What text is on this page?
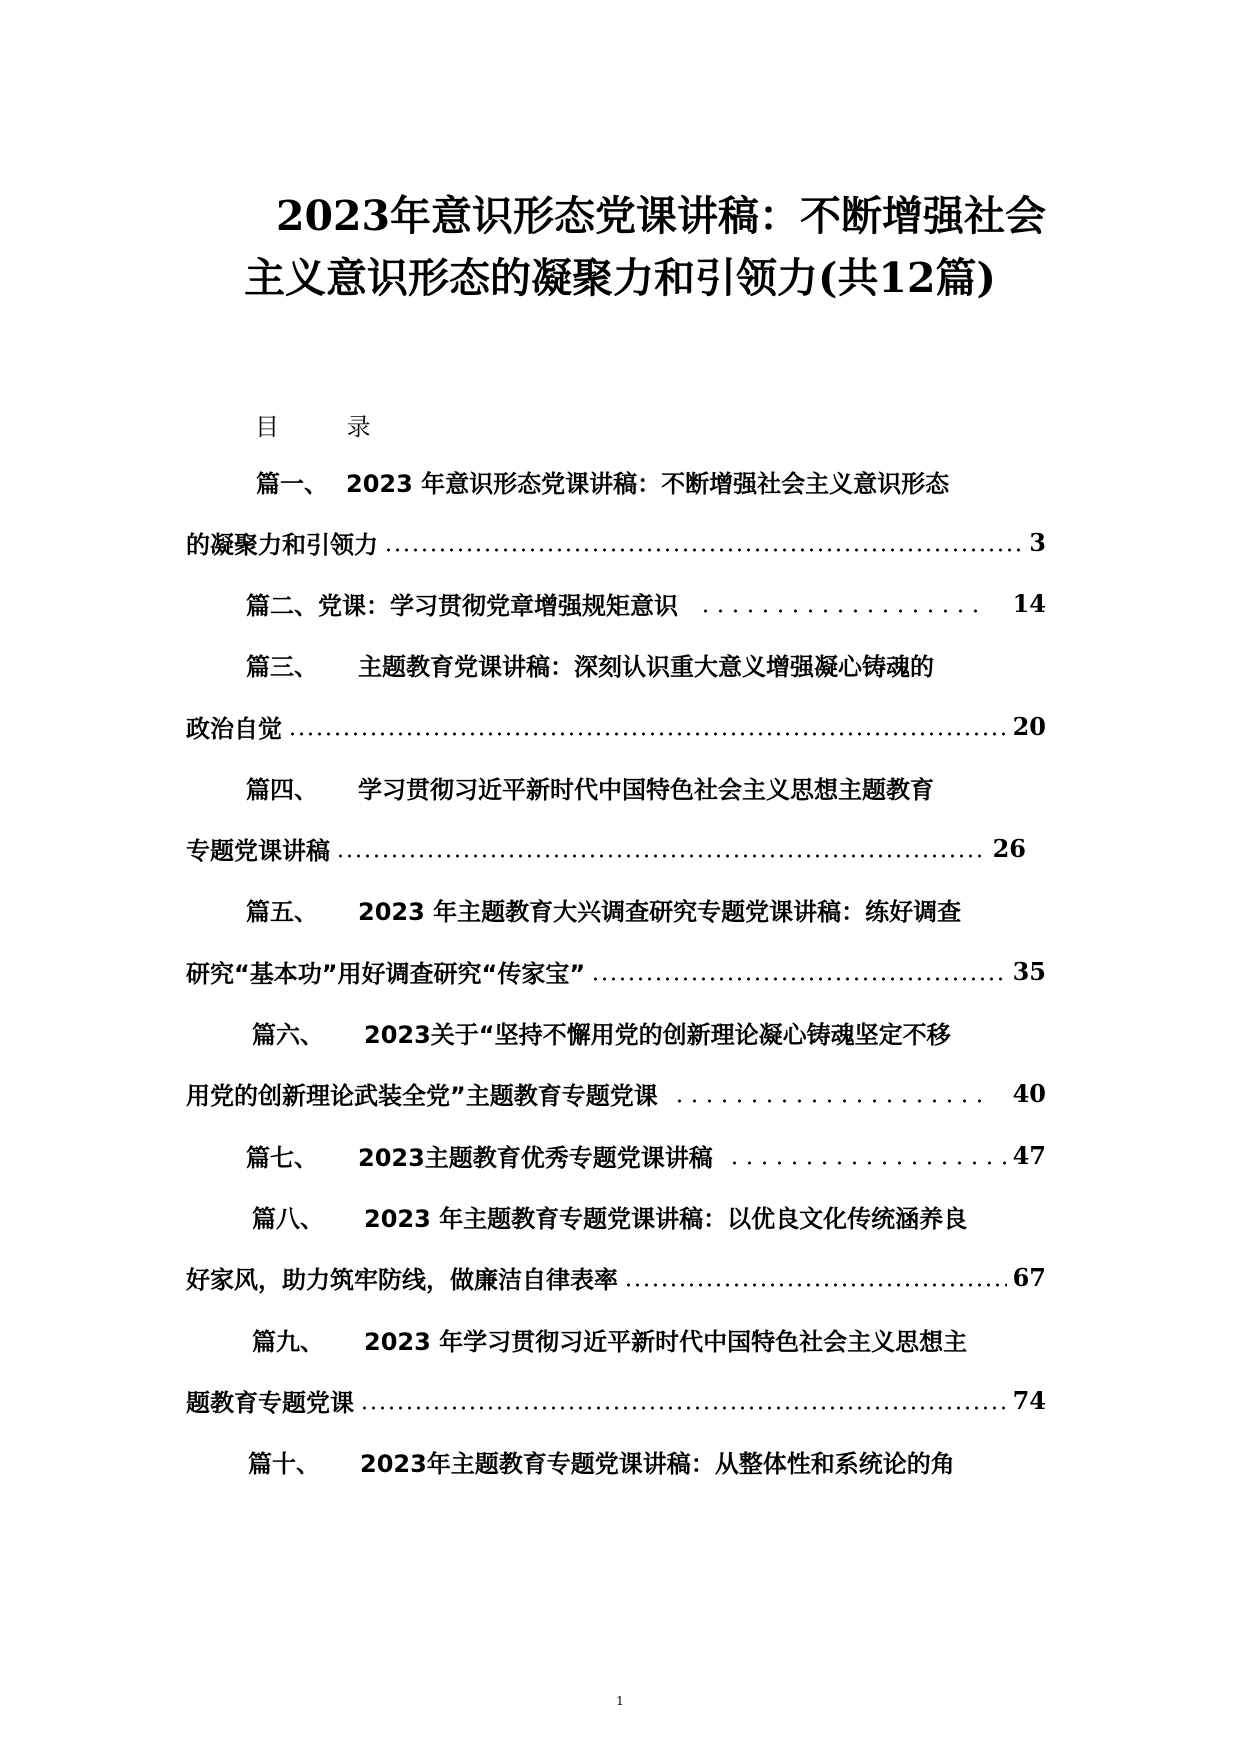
2023年意识形态党课讲稿：不断增强社会主义意识形态的凝聚力和引领力(共12篇)
目 录
篇一、 2023 年意识形态党课讲稿：不断增强社会主义意识形态
的凝聚力和引领力	3
篇二、 党课：学习贯彻党章增强规矩意识	14
篇三、 主题教育党课讲稿：深刻认识重大意义增强凝心铸魂的
政治自觉	20
篇四、 学习贯彻习近平新时代中国特色社会主义思想主题教育
专题党课讲稿	26
篇五、 2023 年主题教育大兴调查研究专题党课讲稿：练好调查
研究“基本功”用好调查研究“传家宝”	35
篇六、 2023关于“坚持不懈用党的创新理论凝心铸魂坚定不移
用党的创新理论武装全党”主题教育专题党课	40
篇七、 2023主题教育优秀专题党课讲稿	47
篇八、 2023 年主题教育专题党课讲稿：以优良文化传统涵养良
好家风，助力筑牢防线，做廉洁自律表率	67
篇九、 2023 年学习贯彻习近平新时代中国特色社会主义思想主
题教育专题党课	74
篇十、 2023年主题教育专题党课讲稿：从整体性和系统论的角
1
